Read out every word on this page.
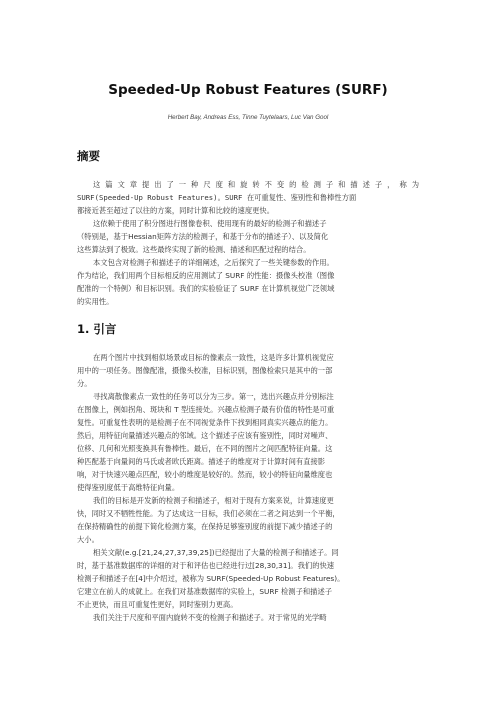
Speeded-Up Robust Features (SURF)
Herbert Bay, Andreas Ess, Tinne Tuytelaars, Luc Van Gool
摘要
这篇文章提出了一种尺度和旋转不变的检测子和描述子，称为
SURF(Speeded-Up Robust Features)。SURF 在可重复性、鉴别性和鲁棒性方面
都接近甚至超过了以往的方案，同时计算和比较的速度更快。
这依赖于使用了积分图进行图像卷积、使用现有的最好的检测子和描述子
（特别是，基于Hessian矩阵方法的检测子，和基于分布的描述子）、以及简化
这些算法到了极致。这些最终实现了新的检测、描述和匹配过程的结合。
本文包含对检测子和描述子的详细阐述，之后探究了一些关键参数的作用。
作为结论，我们用两个目标相反的应用测试了 SURF 的性能：摄像头校准（图像
配准的一个特例）和目标识别。我们的实验验证了 SURF 在计算机视觉广泛领域
的实用性。
1. 引言
在两个图片中找到相似场景或目标的像素点一致性，这是许多计算机视觉应
用中的一项任务。图像配准，摄像头校准，目标识别，图像检索只是其中的一部
分。
寻找离散像素点一致性的任务可以分为三步。第一，选出兴趣点并分别标注
在图像上，例如拐角、斑块和 T 型连接处。兴趣点检测子最有价值的特性是可重
复性。可重复性表明的是检测子在不同视觉条件下找到相同真实兴趣点的能力。
然后，用特征向量描述兴趣点的邻域。这个描述子应该有鉴别性，同时对噪声、
位移、几何和光照变换具有鲁棒性。最后，在不同的图片之间匹配特征向量。这
种匹配基于向量间的马氏或者欧氏距离。描述子的维度对于计算时间有直接影
响，对于快速兴趣点匹配，较小的维度是较好的。然而，较小的特征向量维度也
使得鉴别度低于高维特征向量。
我们的目标是开发新的检测子和描述子，相对于现有方案来说，计算速度更
快，同时又不牺牲性能。为了达成这一目标，我们必须在二者之间达到一个平衡，
在保持精确性的前提下简化检测方案，在保持足够鉴别度的前提下减少描述子的
大小。
相关文献(e.g.[21,24,27,37,39,25])已经提出了大量的检测子和描述子。同
时，基于基准数据库的详细的对于和评估也已经进行过[28,30,31]。我们的快速
检测子和描述子在[4]中介绍过，被称为 SURF(Speeded-Up Robust Features)。
它建立在前人的成就上。在我们对基准数据库的实验上，SURF 检测子和描述子
不止更快，而且可重复性更好，同时鉴别力更高。
我们关注于尺度和平面内旋转不变的检测子和描述子。对于常见的光学畸
